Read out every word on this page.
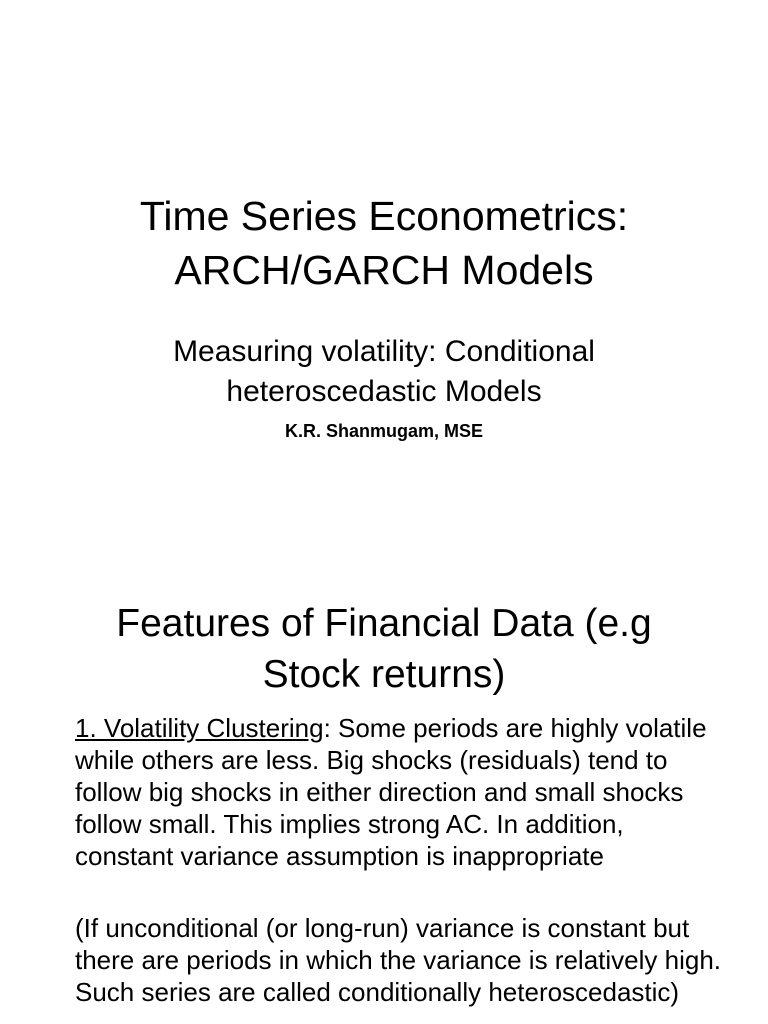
Time Series Econometrics:
ARCH/GARCH Models
Measuring volatility: Conditional
heteroscedastic Models
K.R. Shanmugam, MSE
Features of Financial Data (e.g
Stock returns)
1. Volatility Clustering: Some periods are highly volatile while others are less. Big shocks (residuals) tend to follow big shocks in either direction and small shocks follow small. This implies strong AC. In addition, constant variance assumption is inappropriate
(If unconditional (or long-run) variance is constant but there are periods in which the variance is relatively high. Such series are called conditionally heteroscedastic)
